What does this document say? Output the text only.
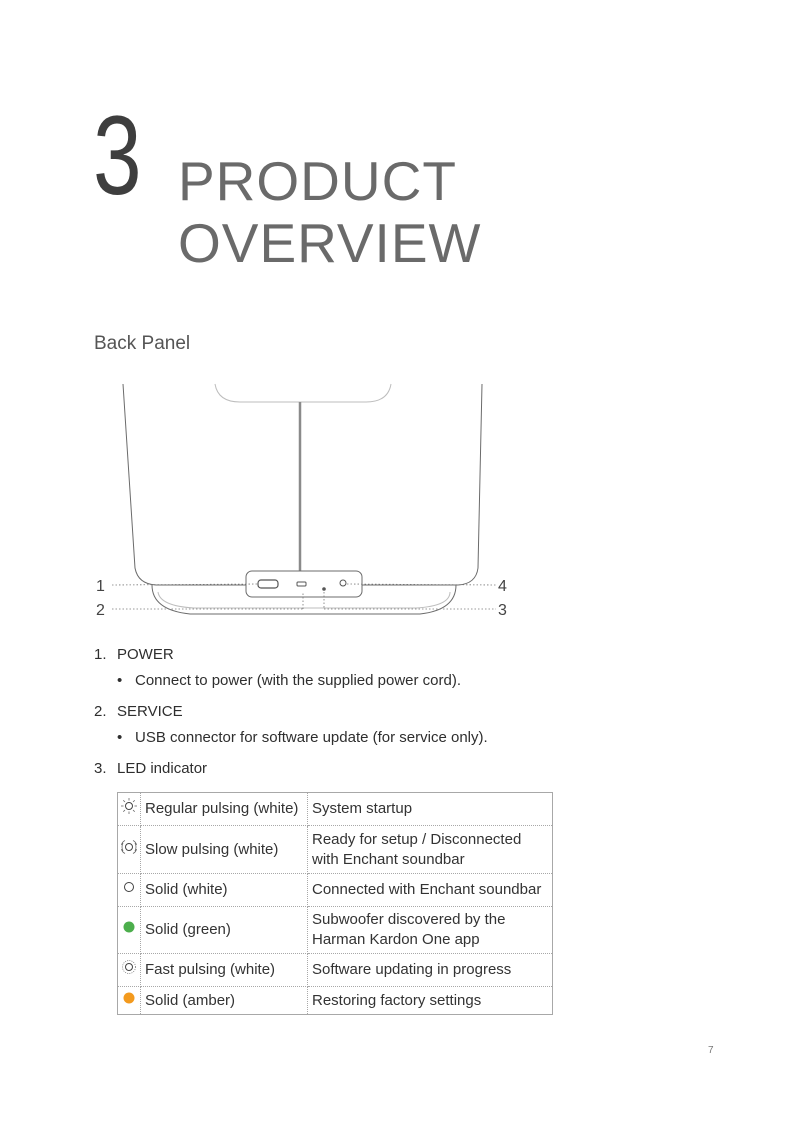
3 PRODUCT
OVERVIEW
Back Panel
1
2	3
4
1. POWER
• Connect to power (with the supplied power cord).
2. SERVICE
• USB connector for software update (for service only).
3. LED indicator
	Regular pulsing (white)	System startup
	Slow pulsing (white)	Ready for setup / Disconnected with Enchant soundbar
	Solid (white)	Connected with Enchant soundbar
	Solid (green)	Subwoofer discovered by the Harman Kardon One app
	Fast pulsing (white)	Software updating in progress
	Solid (amber)	Restoring factory settings
7
